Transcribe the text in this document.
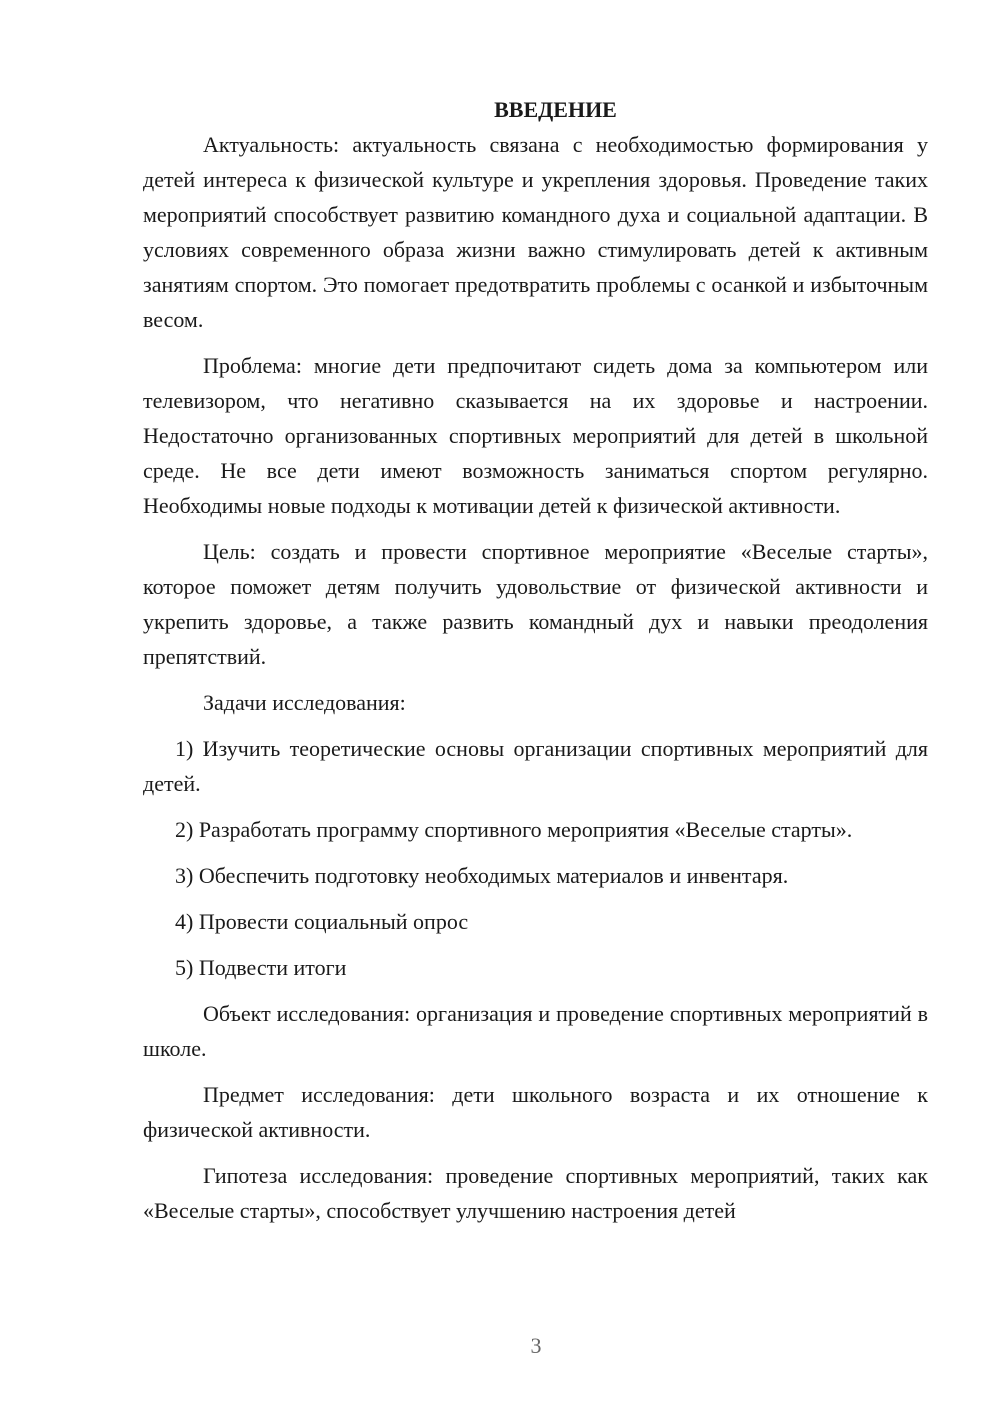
ВВЕДЕНИЕ

Актуальность: актуальность связана с необходимостью формирования у детей интереса к физической культуре и укрепления здоровья. Проведение таких мероприятий способствует развитию командного духа и социальной адаптации. В условиях современного образа жизни важно стимулировать детей к активным занятиям спортом. Это помогает предотвратить проблемы с осанкой и избыточным весом.

Проблема: многие дети предпочитают сидеть дома за компьютером или телевизором, что негативно сказывается на их здоровье и настроении. Недостаточно организованных спортивных мероприятий для детей в школьной среде. Не все дети имеют возможность заниматься спортом регулярно. Необходимы новые подходы к мотивации детей к физической активности.

Цель: создать и провести спортивное мероприятие «Веселые старты», которое поможет детям получить удовольствие от физической активности и укрепить здоровье, а также развить командный дух и навыки преодоления препятствий.

Задачи исследования:

1) Изучить теоретические основы организации спортивных мероприятий для детей.

2) Разработать программу спортивного мероприятия «Веселые старты».

3) Обеспечить подготовку необходимых материалов и инвентаря.

4) Провести социальный опрос

5) Подвести итоги

Объект исследования: организация и проведение спортивных мероприятий в школе.

Предмет исследования: дети школьного возраста и их отношение к физической активности.

Гипотеза исследования: проведение спортивных мероприятий, таких как «Веселые старты», способствует улучшению настроения детей

3
